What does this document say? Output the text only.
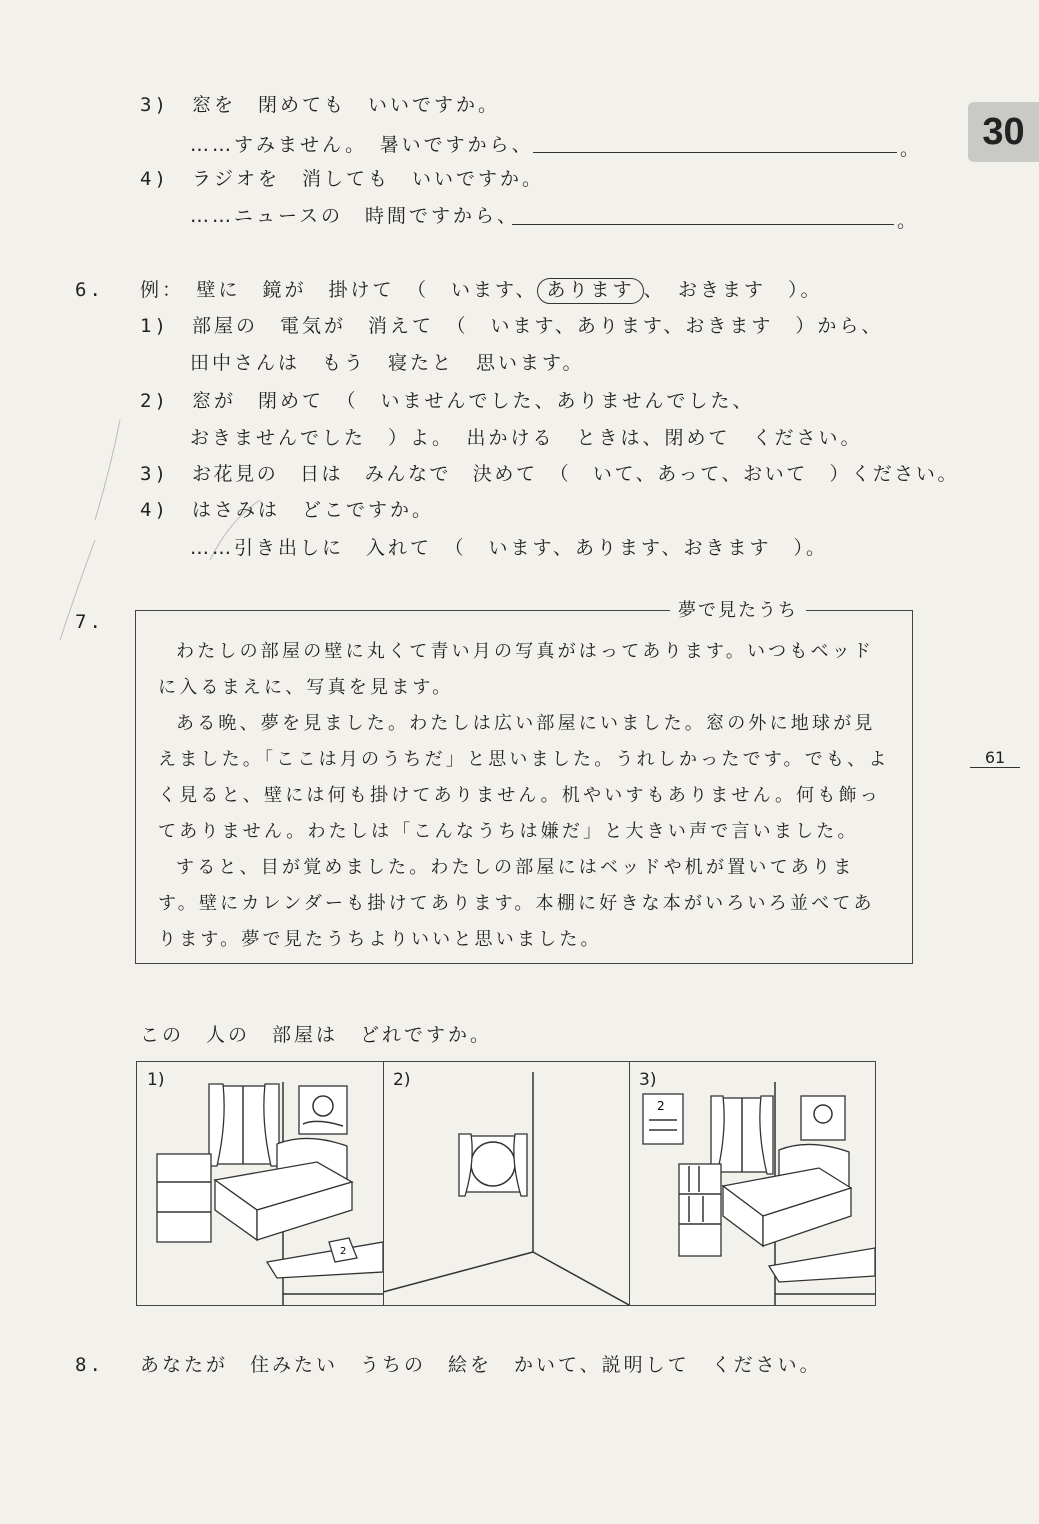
30
61
3) 窓を　閉めても　いいですか。
……すみません。　暑いですから、	。
4) ラジオを　消しても　いいですか。
……ニュースの　時間ですから、	。
6. 例：　壁に　鏡が　掛けて　（　います、 あります 、　おきます　）。
1) 部屋の　電気が　消えて　（　います、あります、おきます　）から、
田中さんは　もう　寝たと　思います。
2) 窓が　閉めて　（　いませんでした、ありませんでした、
おきませんでした　）よ。　出かける　ときは、閉めて　ください。
3) お花見の　日は　みんなで　決めて　（　いて、あって、おいて　）ください。
4) はさみは　どこですか。
……引き出しに　入れて　（　います、あります、おきます　）。
7.
夢で見たうち

わたしの部屋の壁に丸くて青い月の写真がはってあります。いつもベッドに入るまえに、写真を見ます。

ある晩、夢を見ました。わたしは広い部屋にいました。窓の外に地球が見えました。「ここは月のうちだ」と思いました。うれしかったです。でも、よく見ると、壁には何も掛けてありません。机やいすもありません。何も飾ってありません。わたしは「こんなうちは嫌だ」と大きい声で言いました。

すると、目が覚めました。わたしの部屋にはベッドや机が置いてあります。壁にカレンダーも掛けてあります。本棚に好きな本がいろいろ並べてあります。夢で見たうちよりいいと思いました。

この　人の　部屋は　どれですか。
1)
2
2)	3)
2
8. あなたが　住みたい　うちの　絵を　かいて、説明して　ください。
